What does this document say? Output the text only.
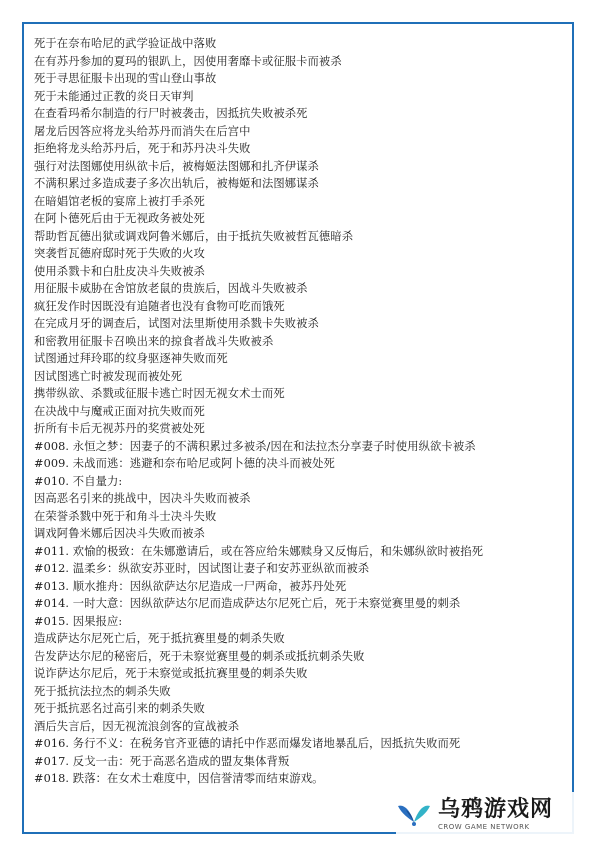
死于在奈布哈尼的武学验证战中落败
在有苏丹参加的夏玛的银趴上，因使用奢靡卡或征服卡而被杀
死于寻思征服卡出现的雪山登山事故
死于未能通过正教的炎日天审判
在查看玛希尔制造的行尸时被袭击，因抵抗失败被杀死
屠龙后因答应将龙头给苏丹而消失在后宫中
拒绝将龙头给苏丹后，死于和苏丹决斗失败
强行对法图娜使用纵欲卡后，被梅姬法图娜和扎齐伊谋杀
不满积累过多造成妻子多次出轨后，被梅姬和法图娜谋杀
在暗娼馆老板的宴席上被打手杀死
在阿卜德死后由于无视政务被处死
帮助哲瓦德出狱或调戏阿鲁米娜后，由于抵抗失败被哲瓦德暗杀
突袭哲瓦德府邸时死于失败的火攻
使用杀戮卡和白肚皮决斗失败被杀
用征服卡威胁在舍馆放老鼠的贵族后，因战斗失败被杀
疯狂发作时因既没有追随者也没有食物可吃而饿死
在完成月牙的调查后，试图对法里斯使用杀戮卡失败被杀
和密教用征服卡召唤出来的掠食者战斗失败被杀
试图通过拜玲耶的纹身驱逐神失败而死
因试图逃亡时被发现而被处死
携带纵欲、杀戮或征服卡逃亡时因无视女术士而死
在决战中与魔戒正面对抗失败而死
折所有卡后无视苏丹的奖赏被处死
#008. 永恒之梦：因妻子的不满积累过多被杀/因在和法拉杰分享妻子时使用纵欲卡被杀
#009. 未战而逃：逃避和奈布哈尼或阿卜德的决斗而被处死
#010. 不自量力:
因高恶名引来的挑战中，因决斗失败而被杀
在荣誉杀戮中死于和角斗士决斗失败
调戏阿鲁米娜后因决斗失败而被杀
#011. 欢愉的极致：在朱娜邀请后，或在答应给朱娜赎身又反悔后，和朱娜纵欲时被掐死
#012. 温柔乡：纵欲安苏亚时，因试图让妻子和安苏亚纵欲而被杀
#013. 顺水推舟：因纵欲萨达尔尼造成一尸两命，被苏丹处死
#014. 一时大意：因纵欲萨达尔尼而造成萨达尔尼死亡后，死于未察觉赛里曼的刺杀
#015. 因果报应:
造成萨达尔尼死亡后，死于抵抗赛里曼的刺杀失败
告发萨达尔尼的秘密后，死于未察觉赛里曼的刺杀或抵抗刺杀失败
说诈萨达尔尼后，死于未察觉或抵抗赛里曼的刺杀失败
死于抵抗法拉杰的刺杀失败
死于抵抗恶名过高引来的刺杀失败
酒后失言后，因无视流浪剑客的宣战被杀
#016. 务行不义：在税务官齐亚德的请托中作恶而爆发诸地暴乱后，因抵抗失败而死
#017. 反戈一击：死于高恶名造成的盟友集体背叛
#018. 跌落：在女术士难度中，因信誉清零而结束游戏。
乌鸦游戏网
CROW GAME NETWORK
